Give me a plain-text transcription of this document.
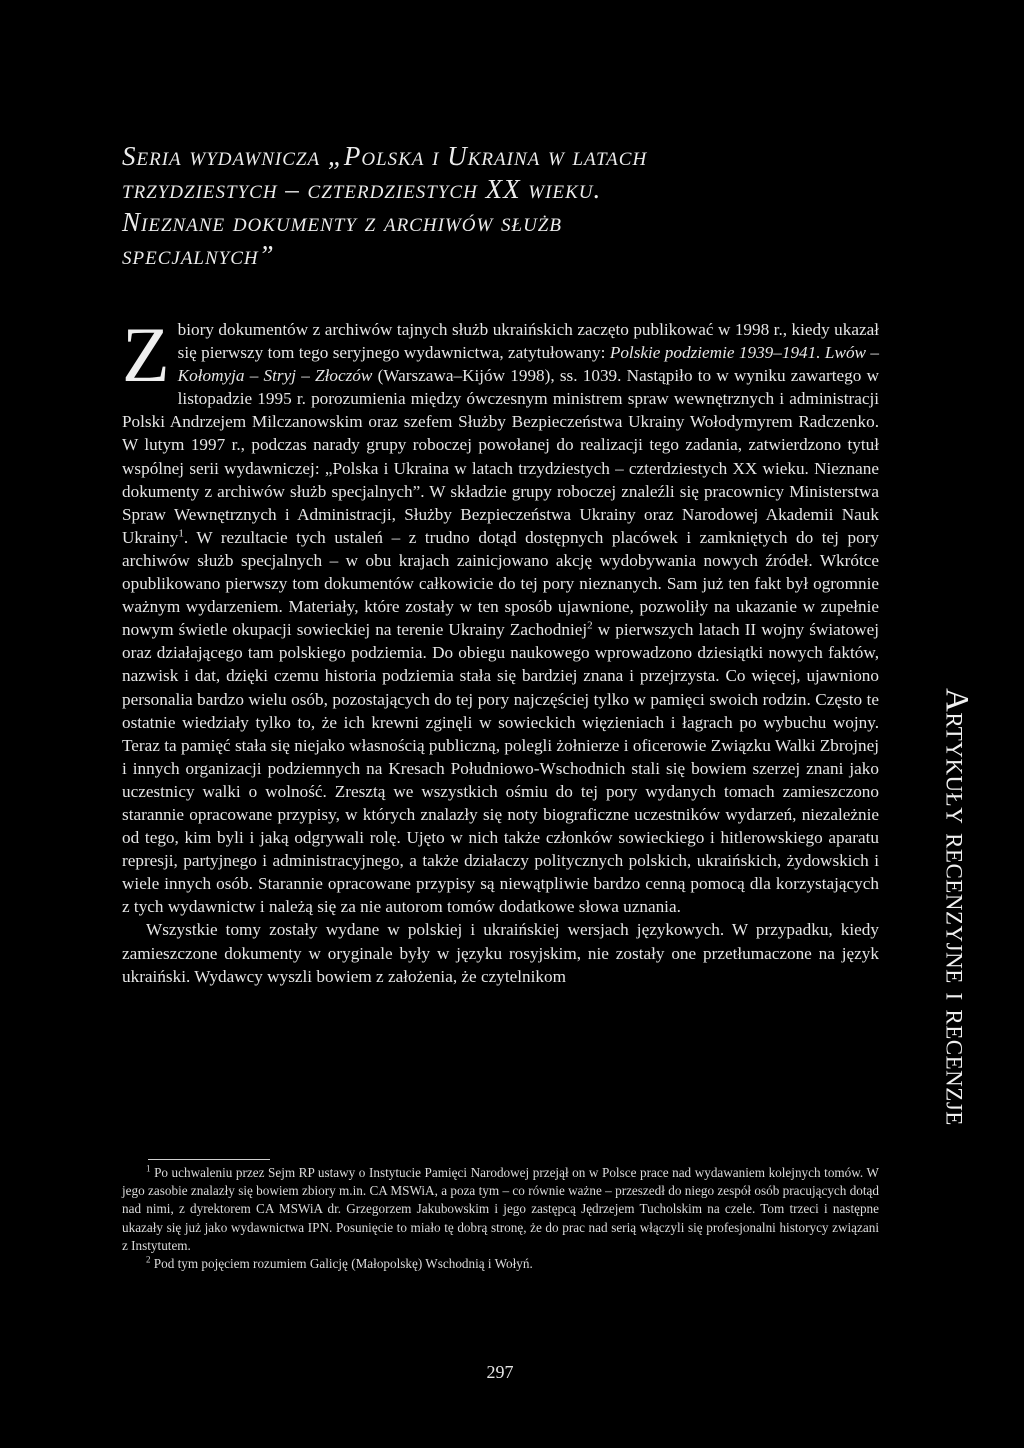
Seria wydawnicza „Polska i Ukraina w latach
trzydziestych – czterdziestych XX wieku.
Nieznane dokumenty z archiwów służb
specjalnych”

Zbiory dokumentów z archiwów tajnych służb ukraińskich zaczęto publikować w 1998 r., kiedy ukazał się pierwszy tom tego seryjnego wydawnictwa, zatytułowany: Polskie podziemie 1939–1941. Lwów – Kołomyja – Stryj – Złoczów (Warszawa–Kijów 1998), ss. 1039. Nastąpiło to w wyniku zawartego w listopadzie 1995 r. porozumienia między ówczesnym ministrem spraw wewnętrznych i administracji Polski Andrzejem Milczanowskim oraz szefem Służby Bezpieczeństwa Ukrainy Wołodymyrem Radczenko. W lutym 1997 r., podczas narady grupy roboczej powołanej do realizacji tego zadania, zatwierdzono tytuł wspólnej serii wydawniczej: „Polska i Ukraina w latach trzydziestych – czterdziestych XX wieku. Nieznane dokumenty z archiwów służb specjalnych”. W składzie grupy roboczej znaleźli się pracownicy Ministerstwa Spraw Wewnętrznych i Administracji, Służby Bezpieczeństwa Ukrainy oraz Narodowej Akademii Nauk Ukrainy$^1$. W rezultacie tych ustaleń – z trudno dotąd dostępnych placówek i zamkniętych do tej pory archiwów służb specjalnych – w obu krajach zainicjowano akcję wydobywania nowych źródeł. Wkrótce opublikowano pierwszy tom dokumentów całkowicie do tej pory nieznanych. Sam już ten fakt był ogromnie ważnym wydarzeniem. Materiały, które zostały w ten sposób ujawnione, pozwoliły na ukazanie w zupełnie nowym świetle okupacji sowieckiej na terenie Ukrainy Zachodniej$^2$ w pierwszych latach II wojny światowej oraz działającego tam polskiego podziemia. Do obiegu naukowego wprowadzono dziesiątki nowych faktów, nazwisk i dat, dzięki czemu historia podziemia stała się bardziej znana i przejrzysta. Co więcej, ujawniono personalia bardzo wielu osób, pozostających do tej pory najczęściej tylko w pamięci swoich rodzin. Często te ostatnie wiedziały tylko to, że ich krewni zginęli w sowieckich więzieniach i łagrach po wybuchu wojny. Teraz ta pamięć stała się niejako własnością publiczną, polegli żołnierze i oficerowie Związku Walki Zbrojnej i innych organizacji podziemnych na Kresach Południowo-Wschodnich stali się bowiem szerzej znani jako uczestnicy walki o wolność. Zresztą we wszystkich ośmiu do tej pory wydanych tomach zamieszczono starannie opracowane przypisy, w których znalazły się noty biograficzne uczestników wydarzeń, niezależnie od tego, kim byli i jaką odgrywali rolę. Ujęto w nich także członków sowieckiego i hitlerowskiego aparatu represji, partyjnego i administracyjnego, a także działaczy politycznych polskich, ukraińskich, żydowskich i wiele innych osób. Starannie opracowane przypisy są niewątpliwie bardzo cenną pomocą dla korzystających z tych wydawnictw i należą się za nie autorom tomów dodatkowe słowa uznania.

Wszystkie tomy zostały wydane w polskiej i ukraińskiej wersjach językowych. W przypadku, kiedy zamieszczone dokumenty w oryginale były w języku rosyjskim, nie zostały one przetłumaczone na język ukraiński. Wydawcy wyszli bowiem z założenia, że czytelnikom

$^1$ Po uchwaleniu przez Sejm RP ustawy o Instytucie Pamięci Narodowej przejął on w Polsce prace nad wydawaniem kolejnych tomów. W jego zasobie znalazły się bowiem zbiory m.in. CA MSWiA, a poza tym – co równie ważne – przeszedł do niego zespół osób pracujących dotąd nad nimi, z dyrektorem CA MSWiA dr. Grzegorzem Jakubowskim i jego zastępcą Jędrzejem Tucholskim na czele. Tom trzeci i następne ukazały się już jako wydawnictwa IPN. Posunięcie to miało tę dobrą stronę, że do prac nad serią włączyli się profesjonalni historycy związani z Instytutem.

$^2$ Pod tym pojęciem rozumiem Galicję (Małopolskę) Wschodnią i Wołyń.

297
Artykuły recenzyjne i recenzje
